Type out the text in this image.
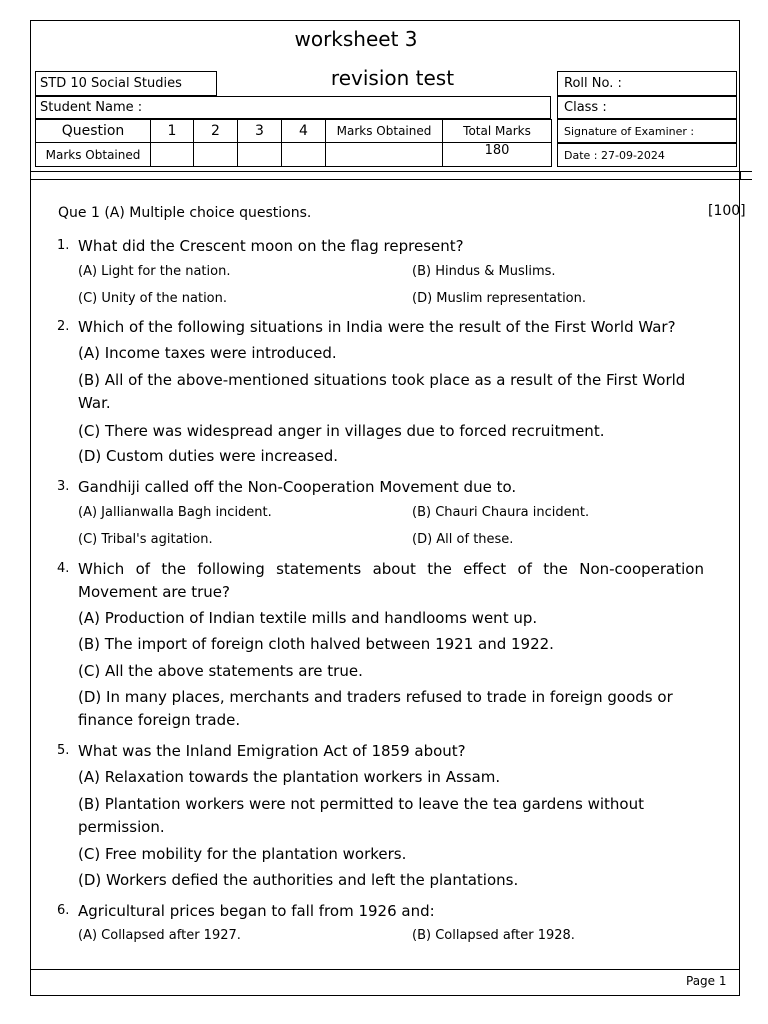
worksheet 3
revision test
STD 10 Social Studies
Student Name :
Question	1	2	3	4	Marks Obtained	Total Marks
Marks Obtained						180
Roll No. :
Class :
Signature of Examiner :
Date : 27-09-2024
Que 1 (A) Multiple choice questions.	[100]
1. What did the Crescent moon on the flag represent?
(A) Light for the nation.	(B) Hindus & Muslims.
(C) Unity of the nation.	(D) Muslim representation.
2. Which of the following situations in India were the result of the First World War?
(A) Income taxes were introduced.
(B) All of the above-mentioned situations took place as a result of the First World War.
(C) There was widespread anger in villages due to forced recruitment.
(D) Custom duties were increased.
3. Gandhiji called off the Non-Cooperation Movement due to.
(A) Jallianwalla Bagh incident.	(B) Chauri Chaura incident.
(C) Tribal's agitation.	(D) All of these.
4. Which of the following statements about the effect of the Non-cooperation Movement are true?
(A) Production of Indian textile mills and handlooms went up.
(B) The import of foreign cloth halved between 1921 and 1922.
(C) All the above statements are true.
(D) In many places, merchants and traders refused to trade in foreign goods or finance foreign trade.
5. What was the Inland Emigration Act of 1859 about?
(A) Relaxation towards the plantation workers in Assam.
(B) Plantation workers were not permitted to leave the tea gardens without permission.
(C) Free mobility for the plantation workers.
(D) Workers defied the authorities and left the plantations.
6. Agricultural prices began to fall from 1926 and:
(A) Collapsed after 1927.	(B) Collapsed after 1928.
Page 1
